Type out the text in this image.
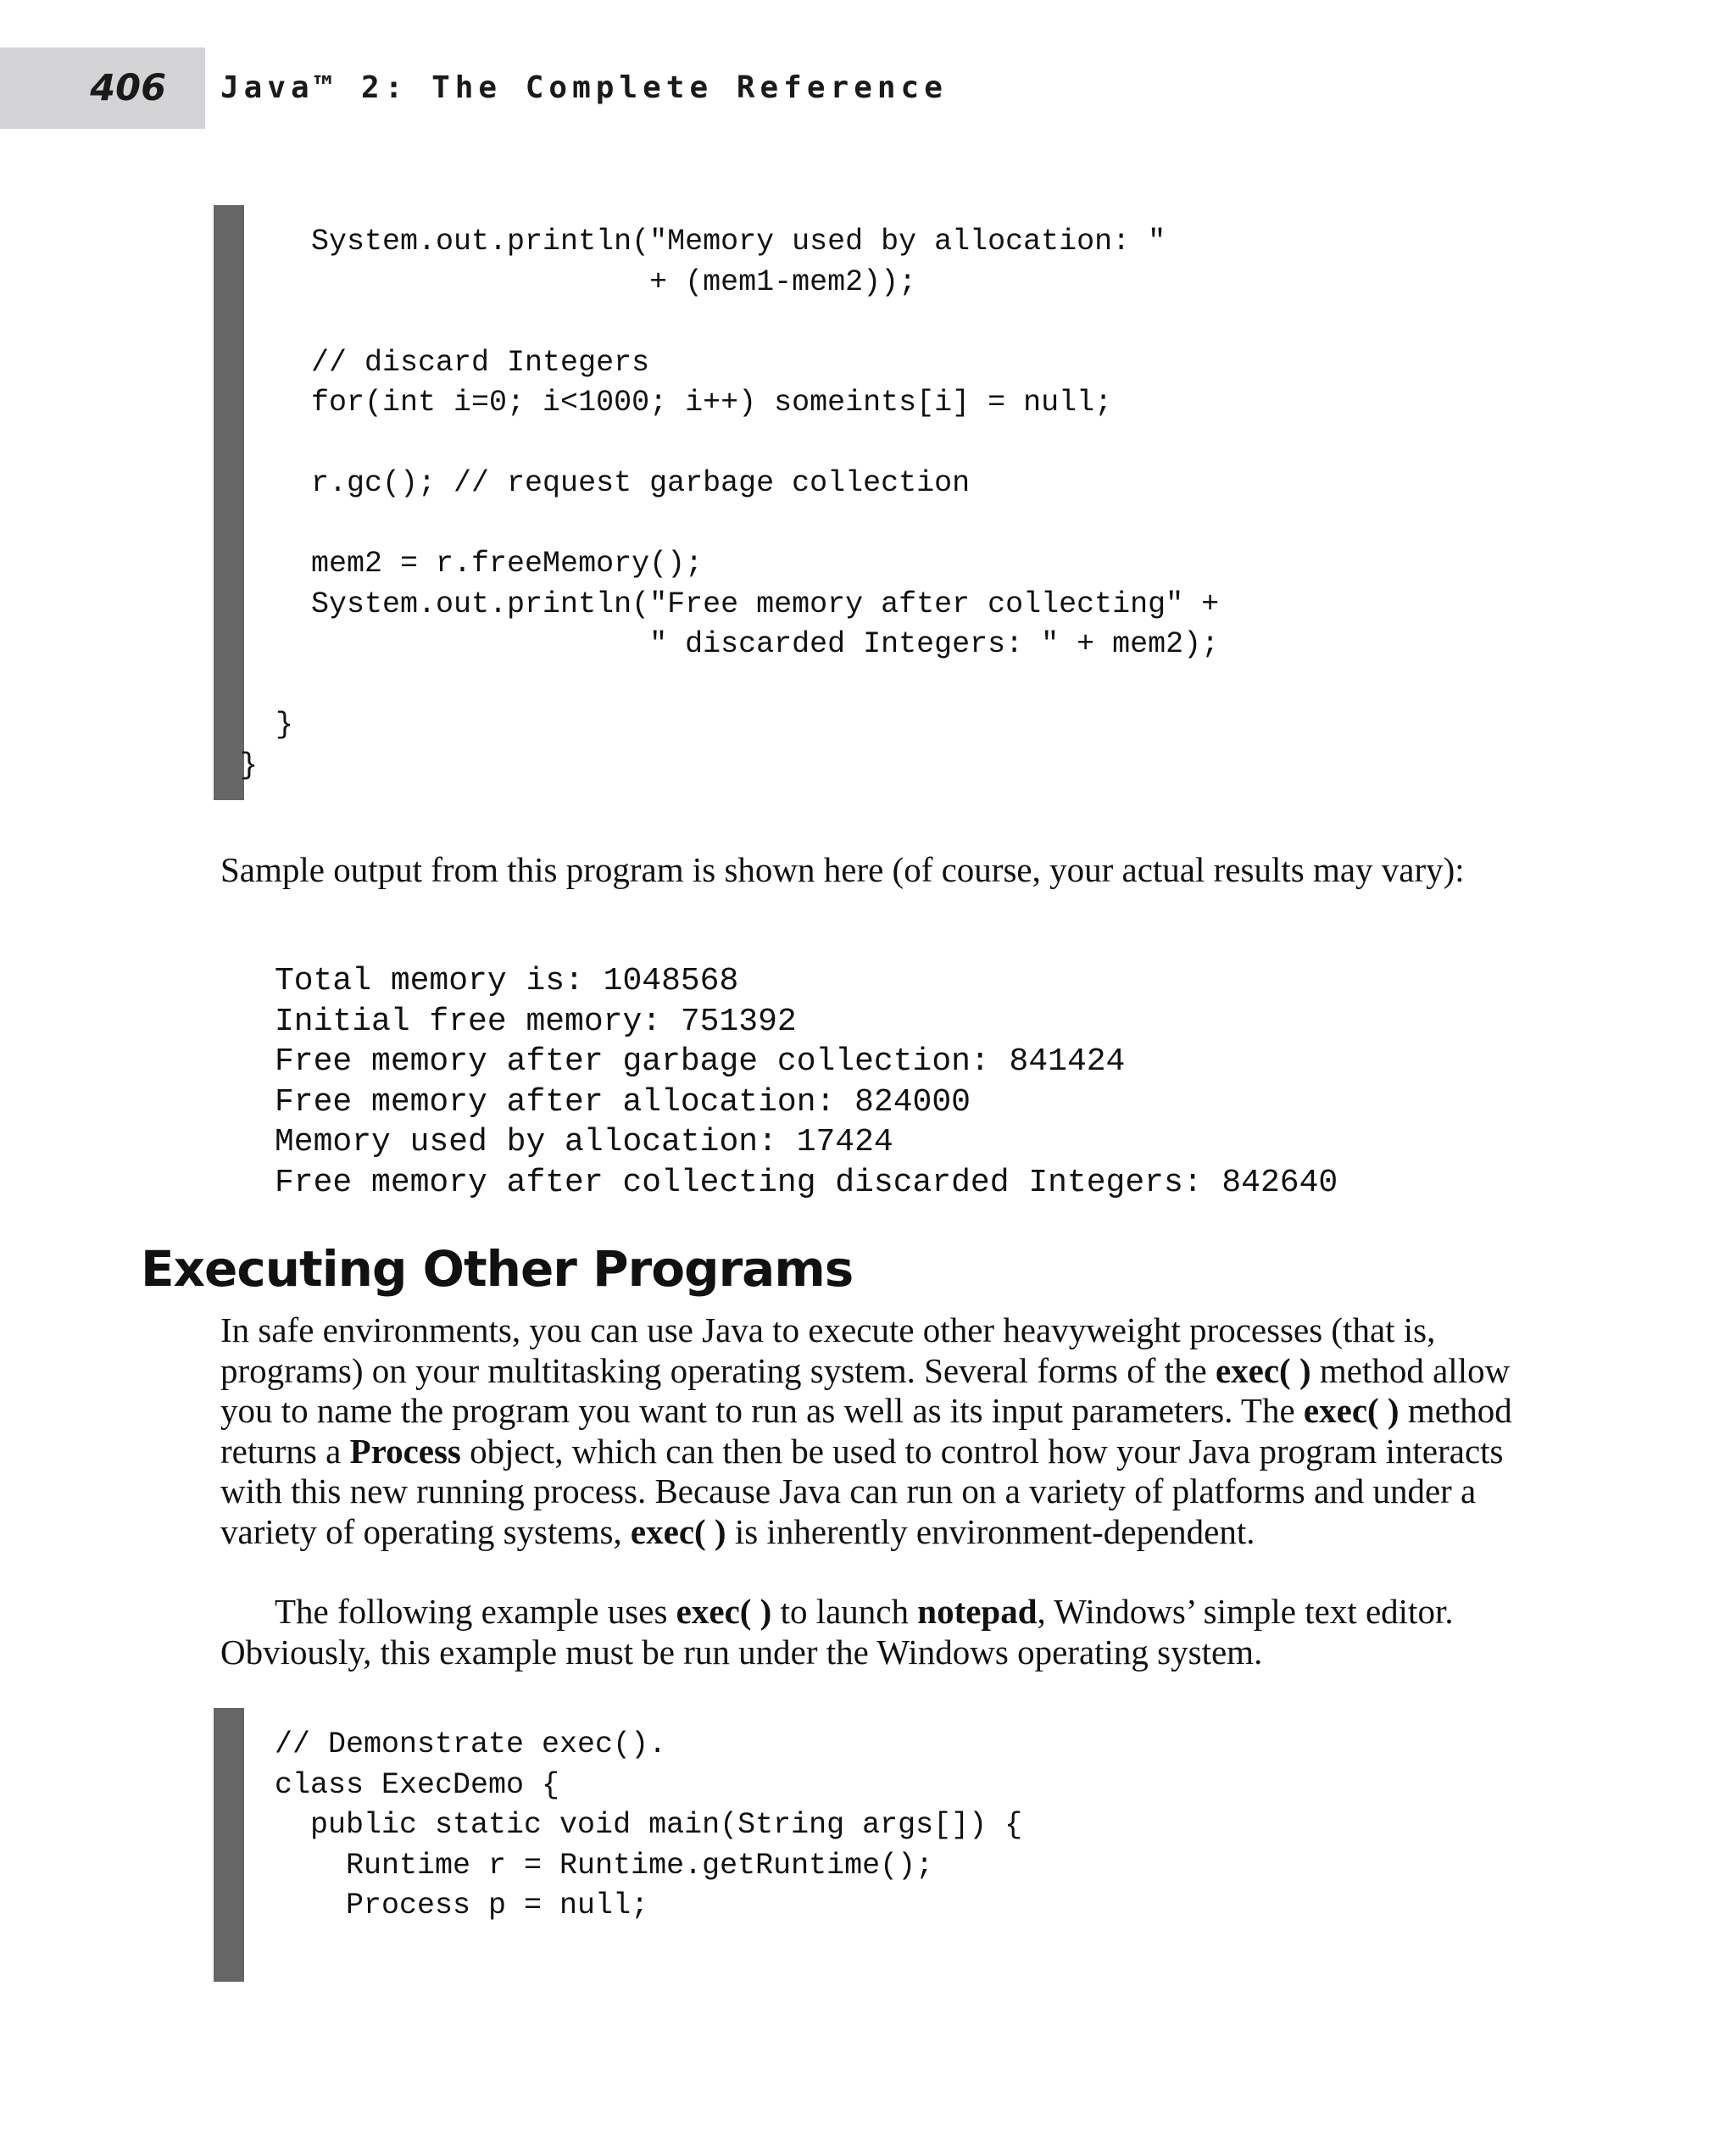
406 Java™ 2: The Complete Reference
System.out.println("Memory used by allocation: "
+ (mem1-mem2));

// discard Integers
for(int i=0; i<1000; i++) someints[i] = null;

r.gc(); // request garbage collection

mem2 = r.freeMemory();
System.out.println("Free memory after collecting" +
" discarded Integers: " + mem2);

}
}

Sample output from this program is shown here (of course, your actual results may vary):

Total memory is: 1048568
Initial free memory: 751392
Free memory after garbage collection: 841424
Free memory after allocation: 824000
Memory used by allocation: 17424
Free memory after collecting discarded Integers: 842640
Executing Other Programs

In safe environments, you can use Java to execute other heavyweight processes (that is, programs) on your multitasking operating system. Several forms of the exec( ) method allow you to name the program you want to run as well as its input parameters. The exec( ) method returns a Process object, which can then be used to control how your Java program interacts with this new running process. Because Java can run on a variety of platforms and under a variety of operating systems, exec( ) is inherently environment-dependent.

The following example uses exec( ) to launch notepad, Windows’ simple text editor. Obviously, this example must be run under the Windows operating system.

// Demonstrate exec().
class ExecDemo {
public static void main(String args[]) {
Runtime r = Runtime.getRuntime();
Process p = null;
